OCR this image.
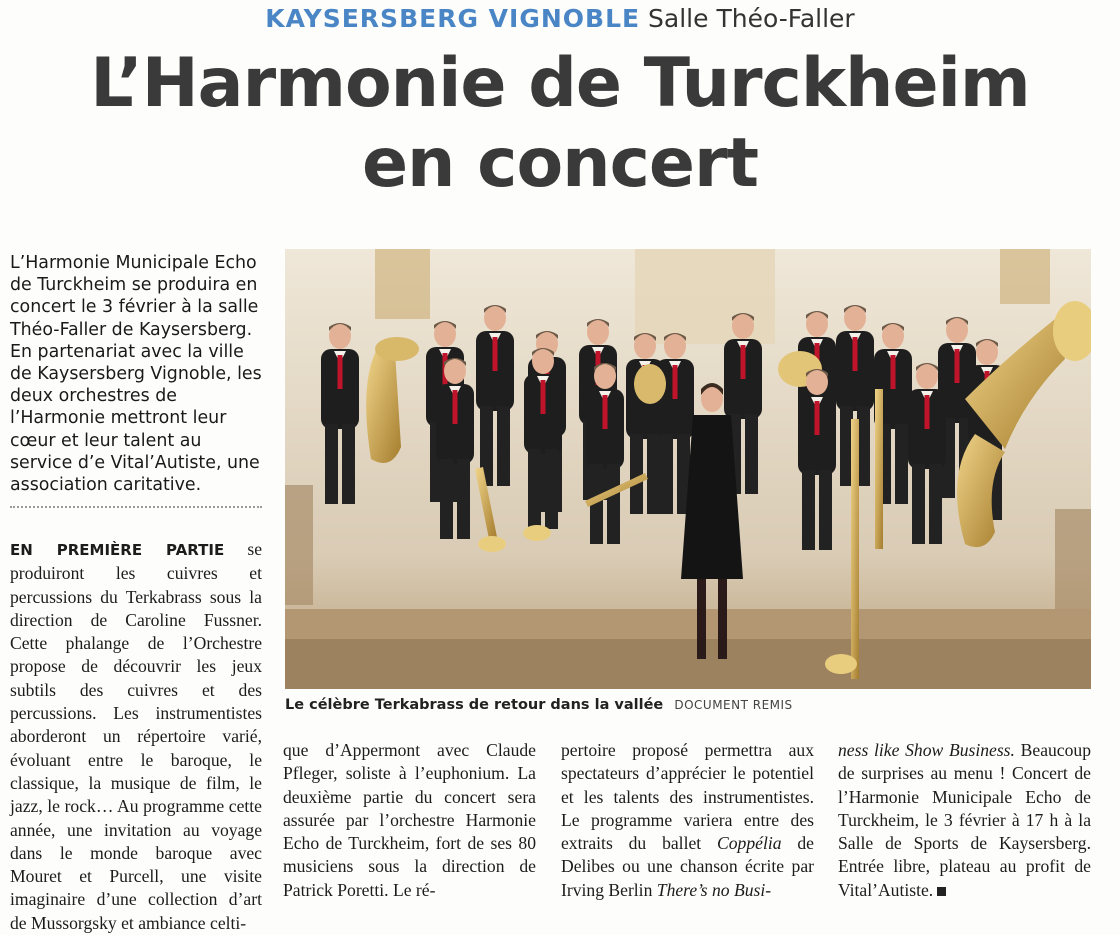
KAYSERSBERG VIGNOBLE Salle Théo-Faller
L’Harmonie de Turckheim
en concert

L’Harmonie Municipale Echo de Turckheim se produira en concert le 3 février à la salle Théo-Faller de Kaysersberg. En partenariat avec la ville de Kaysersberg Vignoble, les deux orchestres de l’Harmonie mettront leur cœur et leur talent au service d’e Vital’Autiste, une association caritative.

EN PREMIÈRE PARTIE se produiront les cuivres et percussions du Terkabrass sous la direction de Caroline Fussner. Cette phalange de l’Orchestre propose de découvrir les jeux subtils des cuivres et des percussions. Les instrumentistes aborderont un répertoire varié, évoluant entre le baroque, le classique, la musique de film, le jazz, le rock… Au programme cette année, une invitation au voyage dans le monde baroque avec Mouret et Purcell, une visite imaginaire d’une collection d’art de Mussorgsky et ambiance celti-

que d’Appermont avec Claude Pfleger, soliste à l’euphonium. La deuxième partie du concert sera assurée par l’orchestre Harmonie Echo de Turckheim, fort de ses 80 musiciens sous la direction de Patrick Poretti. Le ré-

pertoire proposé permettra aux spectateurs d’apprécier le potentiel et les talents des instrumentistes. Le programme variera entre des extraits du ballet Coppélia de Delibes ou une chanson écrite par Irving Berlin There’s no Busi-

ness like Show Business. Beaucoup de surprises au menu ! Concert de l’Harmonie Municipale Echo de Turckheim, le 3 février à 17 h à la Salle de Sports de Kaysersberg. Entrée libre, plateau au profit de Vital’Autiste.

Le célèbre Terkabrass de retour dans la vallée DOCUMENT REMIS
